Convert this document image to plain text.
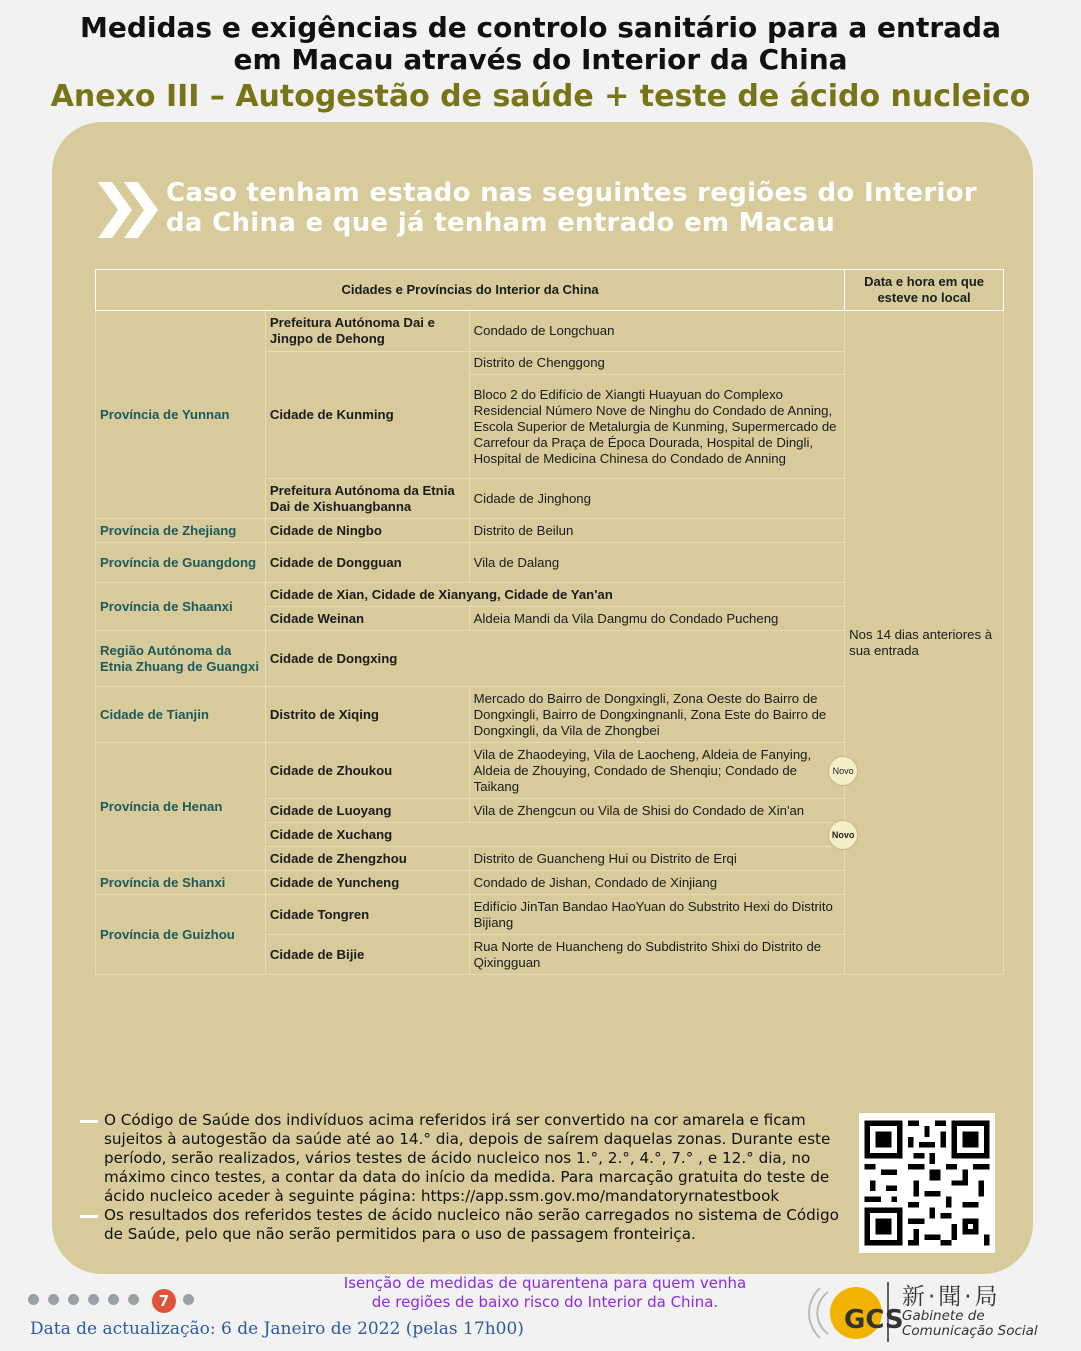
Medidas e exigências de controlo sanitário para a entrada
em Macau através do Interior da China
Anexo III – Autogestão de saúde + teste de ácido nucleico
Caso tenham estado nas seguintes regiões do Interior
da China e que já tenham entrado em Macau
Cidades e Províncias do Interior da China			Data e hora em que esteve no local
Província de Yunnan	Prefeitura Autónoma Dai e Jingpo de Dehong	Condado de Longchuan	Nos 14 dias anteriores à sua entrada
	Cidade de Kunming	Distrito de Chenggong	
		Bloco 2 do Edifício de Xiangti Huayuan do Complexo Residencial Número Nove de Ninghu do Condado de Anning, Escola Superior de Metalurgia de Kunming, Supermercado de Carrefour da Praça de Época Dourada, Hospital de Dingli, Hospital de Medicina Chinesa do Condado de Anning	
	Prefeitura Autónoma da Etnia Dai de Xishuangbanna	Cidade de Jinghong	
Província de Zhejiang	Cidade de Ningbo	Distrito de Beilun	
Província de Guangdong	Cidade de Dongguan	Vila de Dalang	
Província de Shaanxi	Cidade de Xian, Cidade de Xianyang, Cidade de Yan'an		
	Cidade Weinan	Aldeia Mandi da Vila Dangmu do Condado Pucheng	
Região Autónoma da Etnia Zhuang de Guangxi	Cidade de Dongxing		
Cidade de Tianjin	Distrito de Xiqing	Mercado do Bairro de Dongxingli, Zona Oeste do Bairro de Dongxingli, Bairro de Dongxingnanli, Zona Este do Bairro de Dongxingli, da Vila de Zhongbei	
Província de Henan	Cidade de Zhoukou	Vila de Zhaodeying, Vila de Laocheng, Aldeia de Fanying, Aldeia de Zhouying, Condado de Shenqiu; Condado de Taikang
Novo	

	Cidade de Luoyang	Vila de Zhengcun ou Vila de Shisi do Condado de Xin'an	
	Cidade de Xuchang Novo		

	Cidade de Zhengzhou	Distrito de Guancheng Hui ou Distrito de Erqi	
Província de Shanxi	Cidade de Yuncheng	Condado de Jishan, Condado de Xinjiang	
Província de Guizhou	Cidade Tongren	Edifício JinTan Bandao HaoYuan do Substrito Hexi do Distrito Bijiang	
	Cidade de Bijie	Rua Norte de Huancheng do Subdistrito Shixi do Distrito de Qixingguan	
O Código de Saúde dos indivíduos acima referidos irá ser convertido na cor amarela e ficam sujeitos à autogestão da saúde até ao 14.° dia, depois de saírem daquelas zonas. Durante este período, serão realizados, vários testes de ácido nucleico nos 1.°, 2.°, 4.°, 7.° , e 12.° dia, no máximo cinco testes, a contar da data do início da medida. Para marcação gratuita do teste de ácido nucleico aceder à seguinte página: https://app.ssm.gov.mo/mandatoryrnatestbook
Os resultados dos referidos testes de ácido nucleico não serão carregados no sistema de Código de Saúde, pelo que não serão permitidos para o uso de passagem fronteiriça.
7
Isenção de medidas de quarentena para quem venha
de regiões de baixo risco do Interior da China.
Data de actualização: 6 de Janeiro de 2022 (pelas 17h00)	GCS
新·聞·局
Gabinete de
Comunicação Social
